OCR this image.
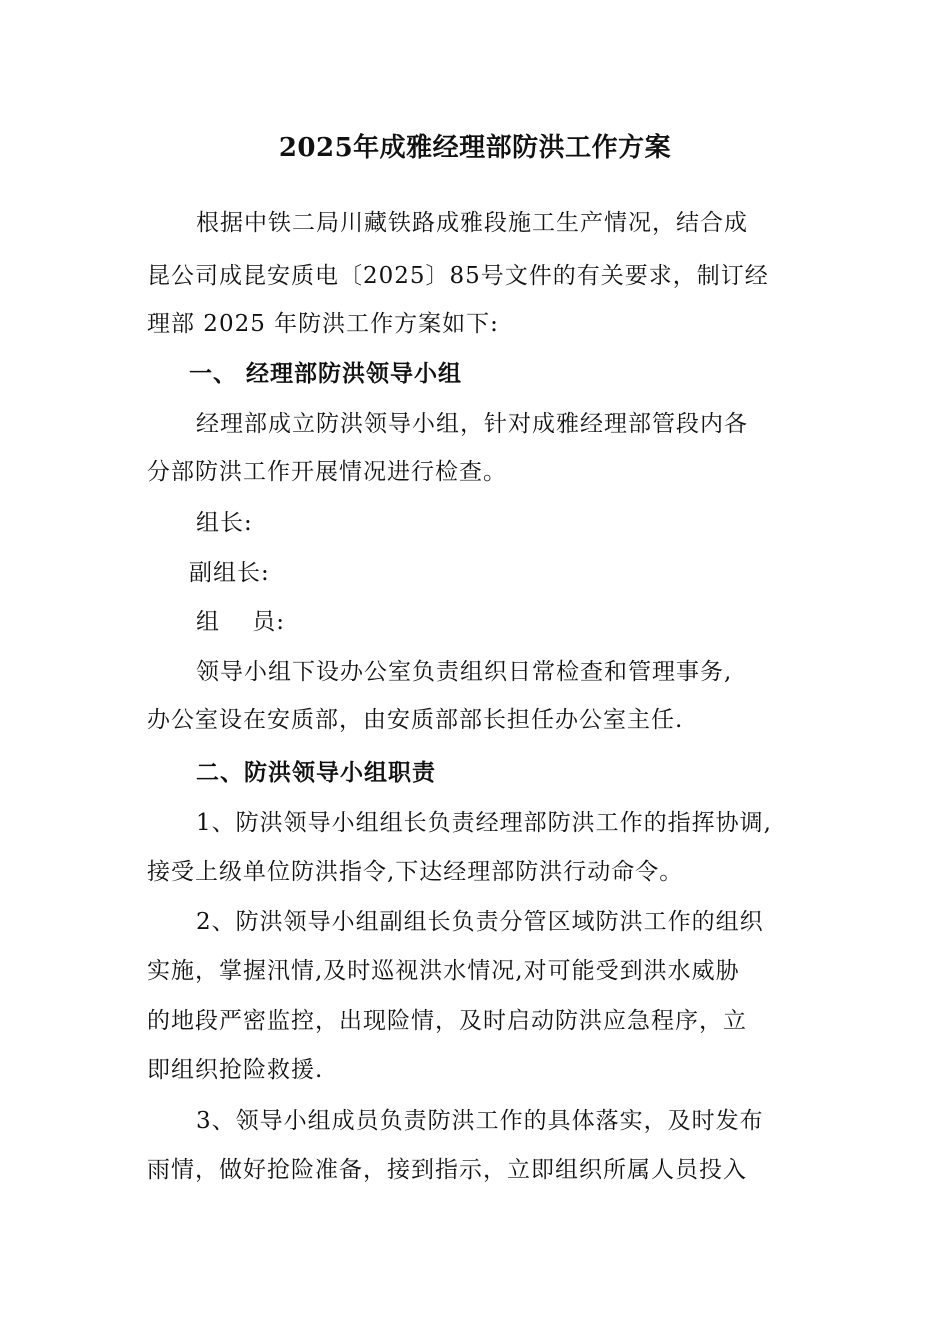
2025年成雅经理部防洪工作方案
根据中铁二局川藏铁路成雅段施工生产情况，结合成
昆公司成昆安质电〔2025〕85号文件的有关要求，制订经
理部 2025 年防洪工作方案如下:
一、 经理部防洪领导小组
经理部成立防洪领导小组，针对成雅经理部管段内各
分部防洪工作开展情况进行检查。
组长:
副组长:
组　 员:
领导小组下设办公室负责组织日常检查和管理事务,
办公室设在安质部，由安质部部长担任办公室主任.
二、防洪领导小组职责
1、防洪领导小组组长负责经理部防洪工作的指挥协调,
接受上级单位防洪指令,下达经理部防洪行动命令。
2、防洪领导小组副组长负责分管区域防洪工作的组织
实施，掌握汛情,及时巡视洪水情况,对可能受到洪水威胁
的地段严密监控，出现险情，及时启动防洪应急程序，立
即组织抢险救援.
3、领导小组成员负责防洪工作的具体落实，及时发布
雨情，做好抢险准备，接到指示，立即组织所属人员投入
